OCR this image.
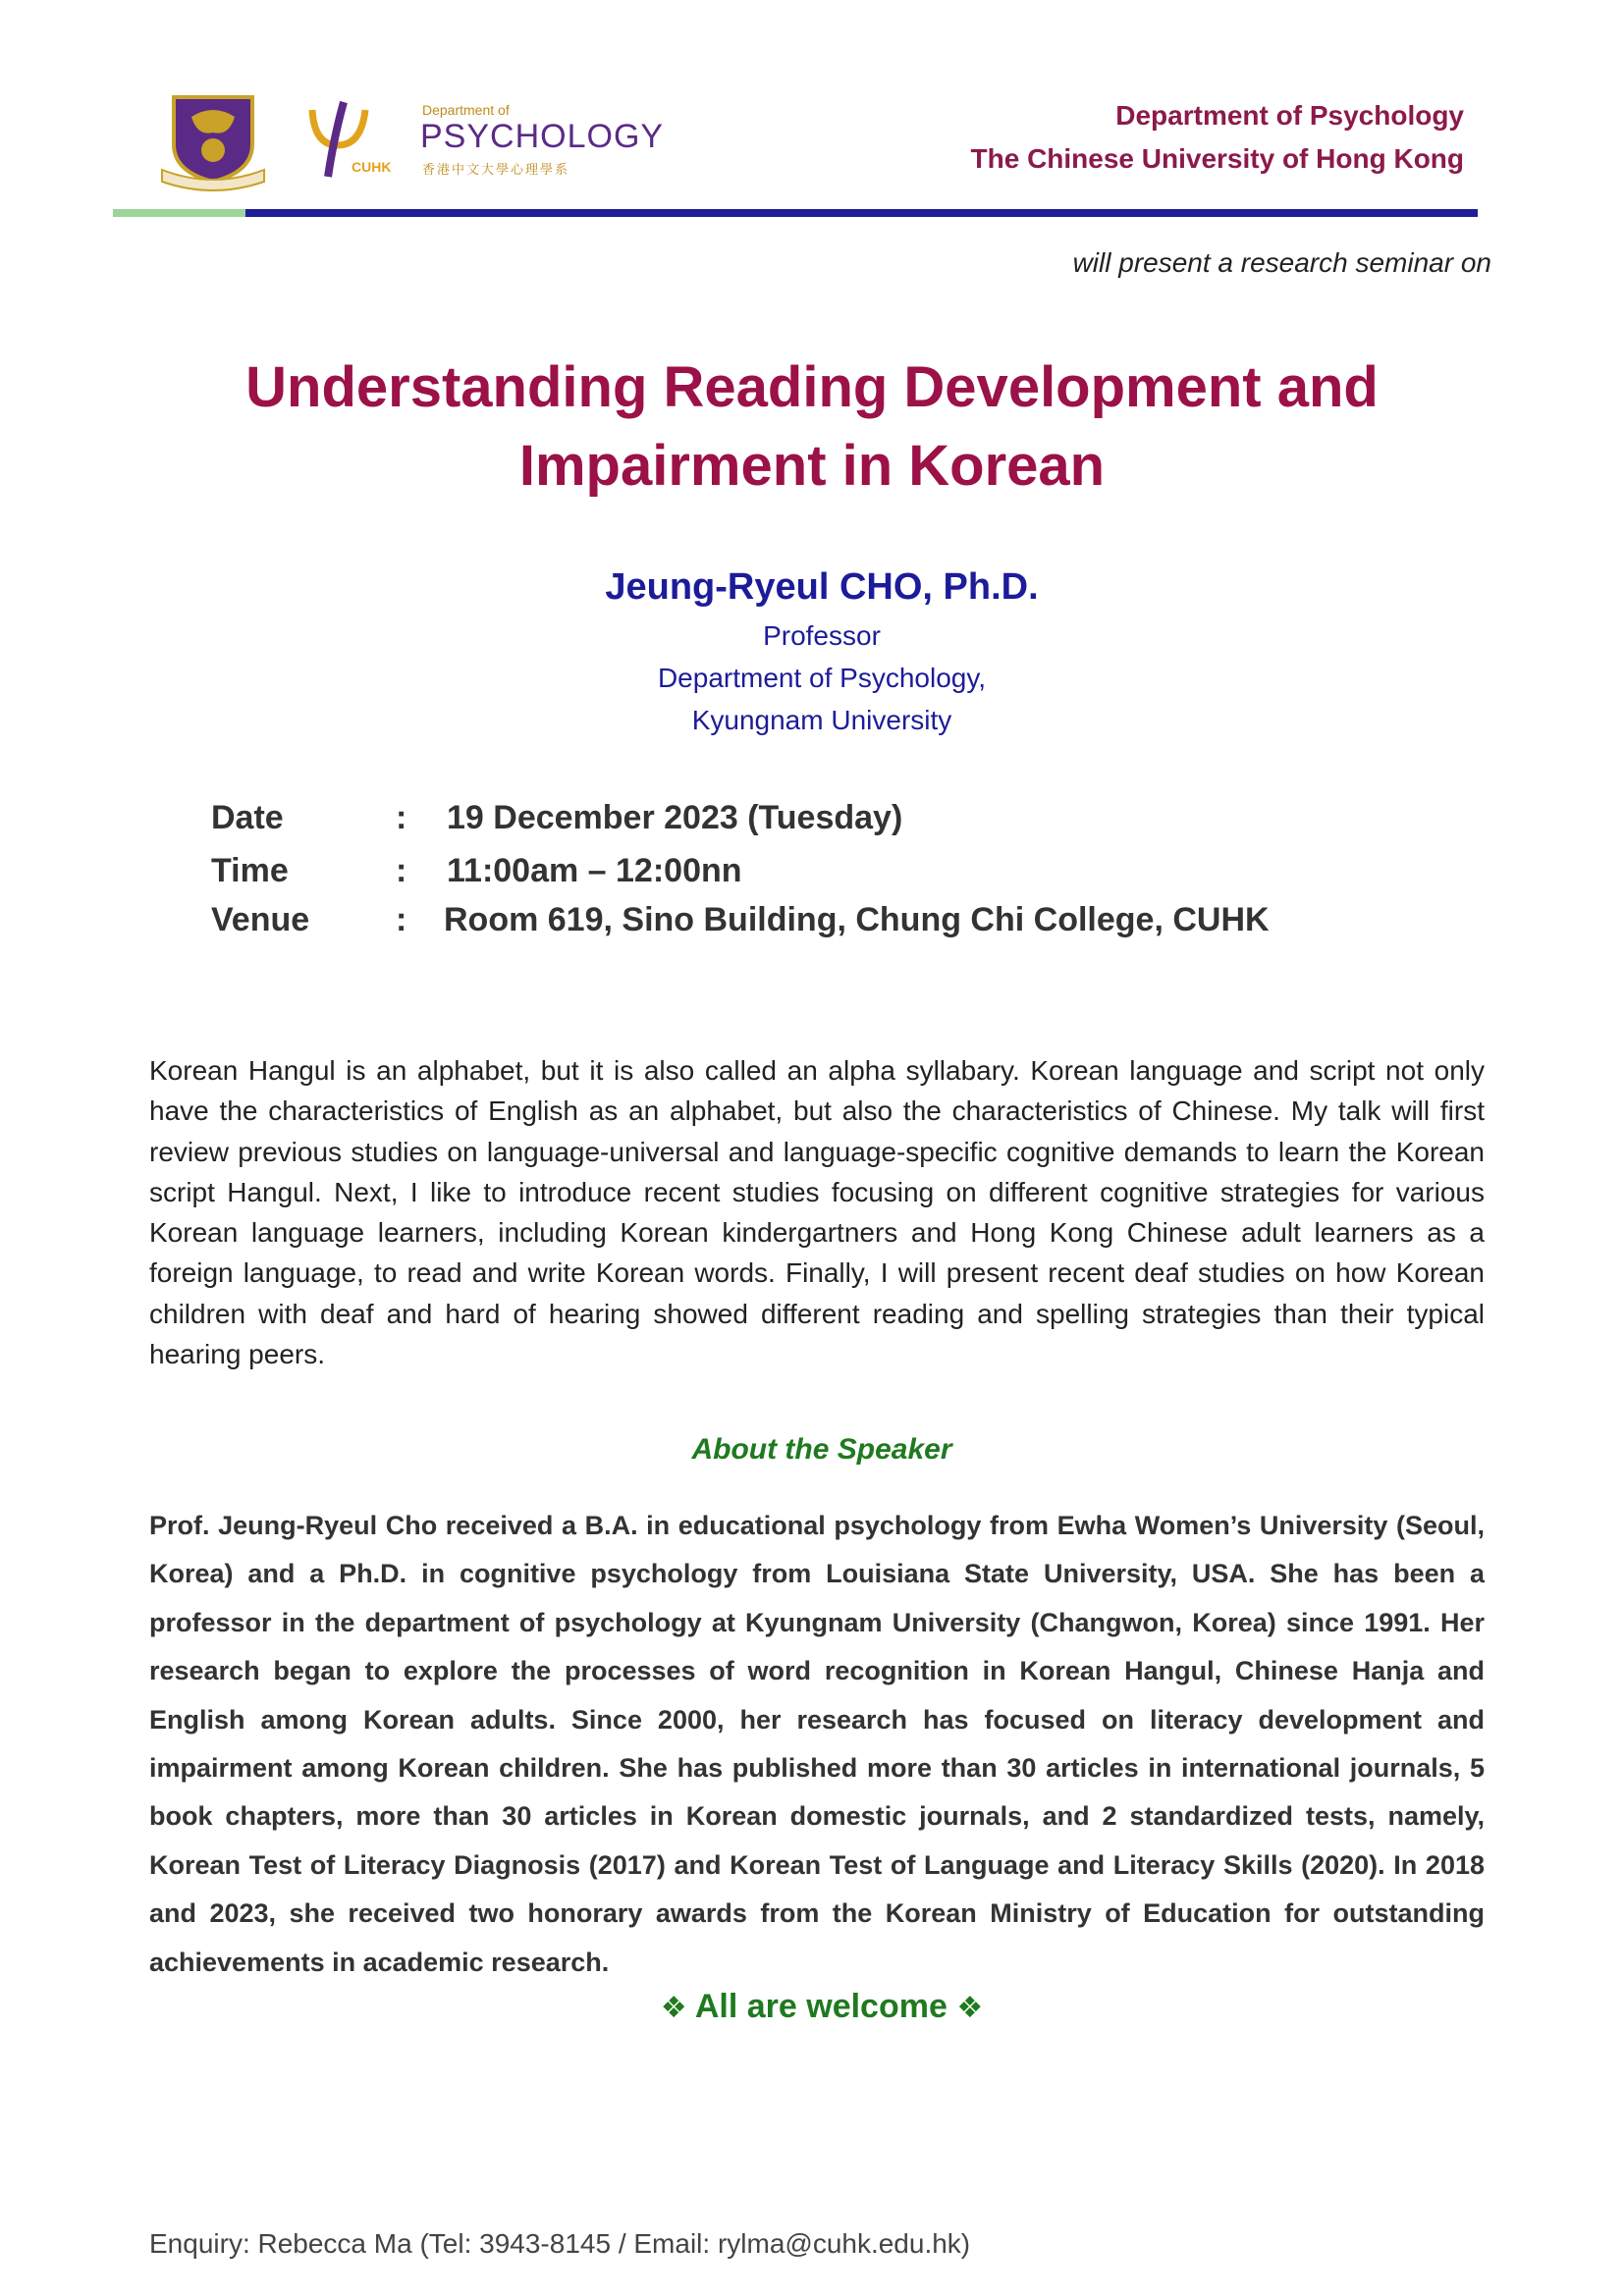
Department of
PSYCHOLOGY
CUHK 香港中文大學心理學系
Department of Psychology
The Chinese University of Hong Kong
will present a research seminar on
Understanding Reading Development and
Impairment in Korean
Jeung-Ryeul CHO, Ph.D.
Professor
Department of Psychology,
Kyungnam University
Date	: 19 December 2023 (Tuesday)
Time	: 11:00am – 12:00nn
Venue	: Room 619, Sino Building, Chung Chi College, CUHK
Korean Hangul is an alphabet, but it is also called an alpha syllabary. Korean language and script not only have the characteristics of English as an alphabet, but also the characteristics of Chinese. My talk will first review previous studies on language-universal and language-specific cognitive demands to learn the Korean script Hangul. Next, I like to introduce recent studies focusing on different cognitive strategies for various Korean language learners, including Korean kindergartners and Hong Kong Chinese adult learners as a foreign language, to read and write Korean words. Finally, I will present recent deaf studies on how Korean children with deaf and hard of hearing showed different reading and spelling strategies than their typical hearing peers.
About the Speaker
Prof. Jeung-Ryeul Cho received a B.A. in educational psychology from Ewha Women’s University (Seoul, Korea) and a Ph.D. in cognitive psychology from Louisiana State University, USA. She has been a professor in the department of psychology at Kyungnam University (Changwon, Korea) since 1991. Her research began to explore the processes of word recognition in Korean Hangul, Chinese Hanja and English among Korean adults. Since 2000, her research has focused on literacy development and impairment among Korean children. She has published more than 30 articles in international journals, 5 book chapters, more than 30 articles in Korean domestic journals, and 2 standardized tests, namely, Korean Test of Literacy Diagnosis (2017) and Korean Test of Language and Literacy Skills (2020). In 2018 and 2023, she received two honorary awards from the Korean Ministry of Education for outstanding achievements in academic research.
❖ All are welcome ❖
Enquiry: Rebecca Ma (Tel: 3943-8145 / Email: rylma@cuhk.edu.hk)
